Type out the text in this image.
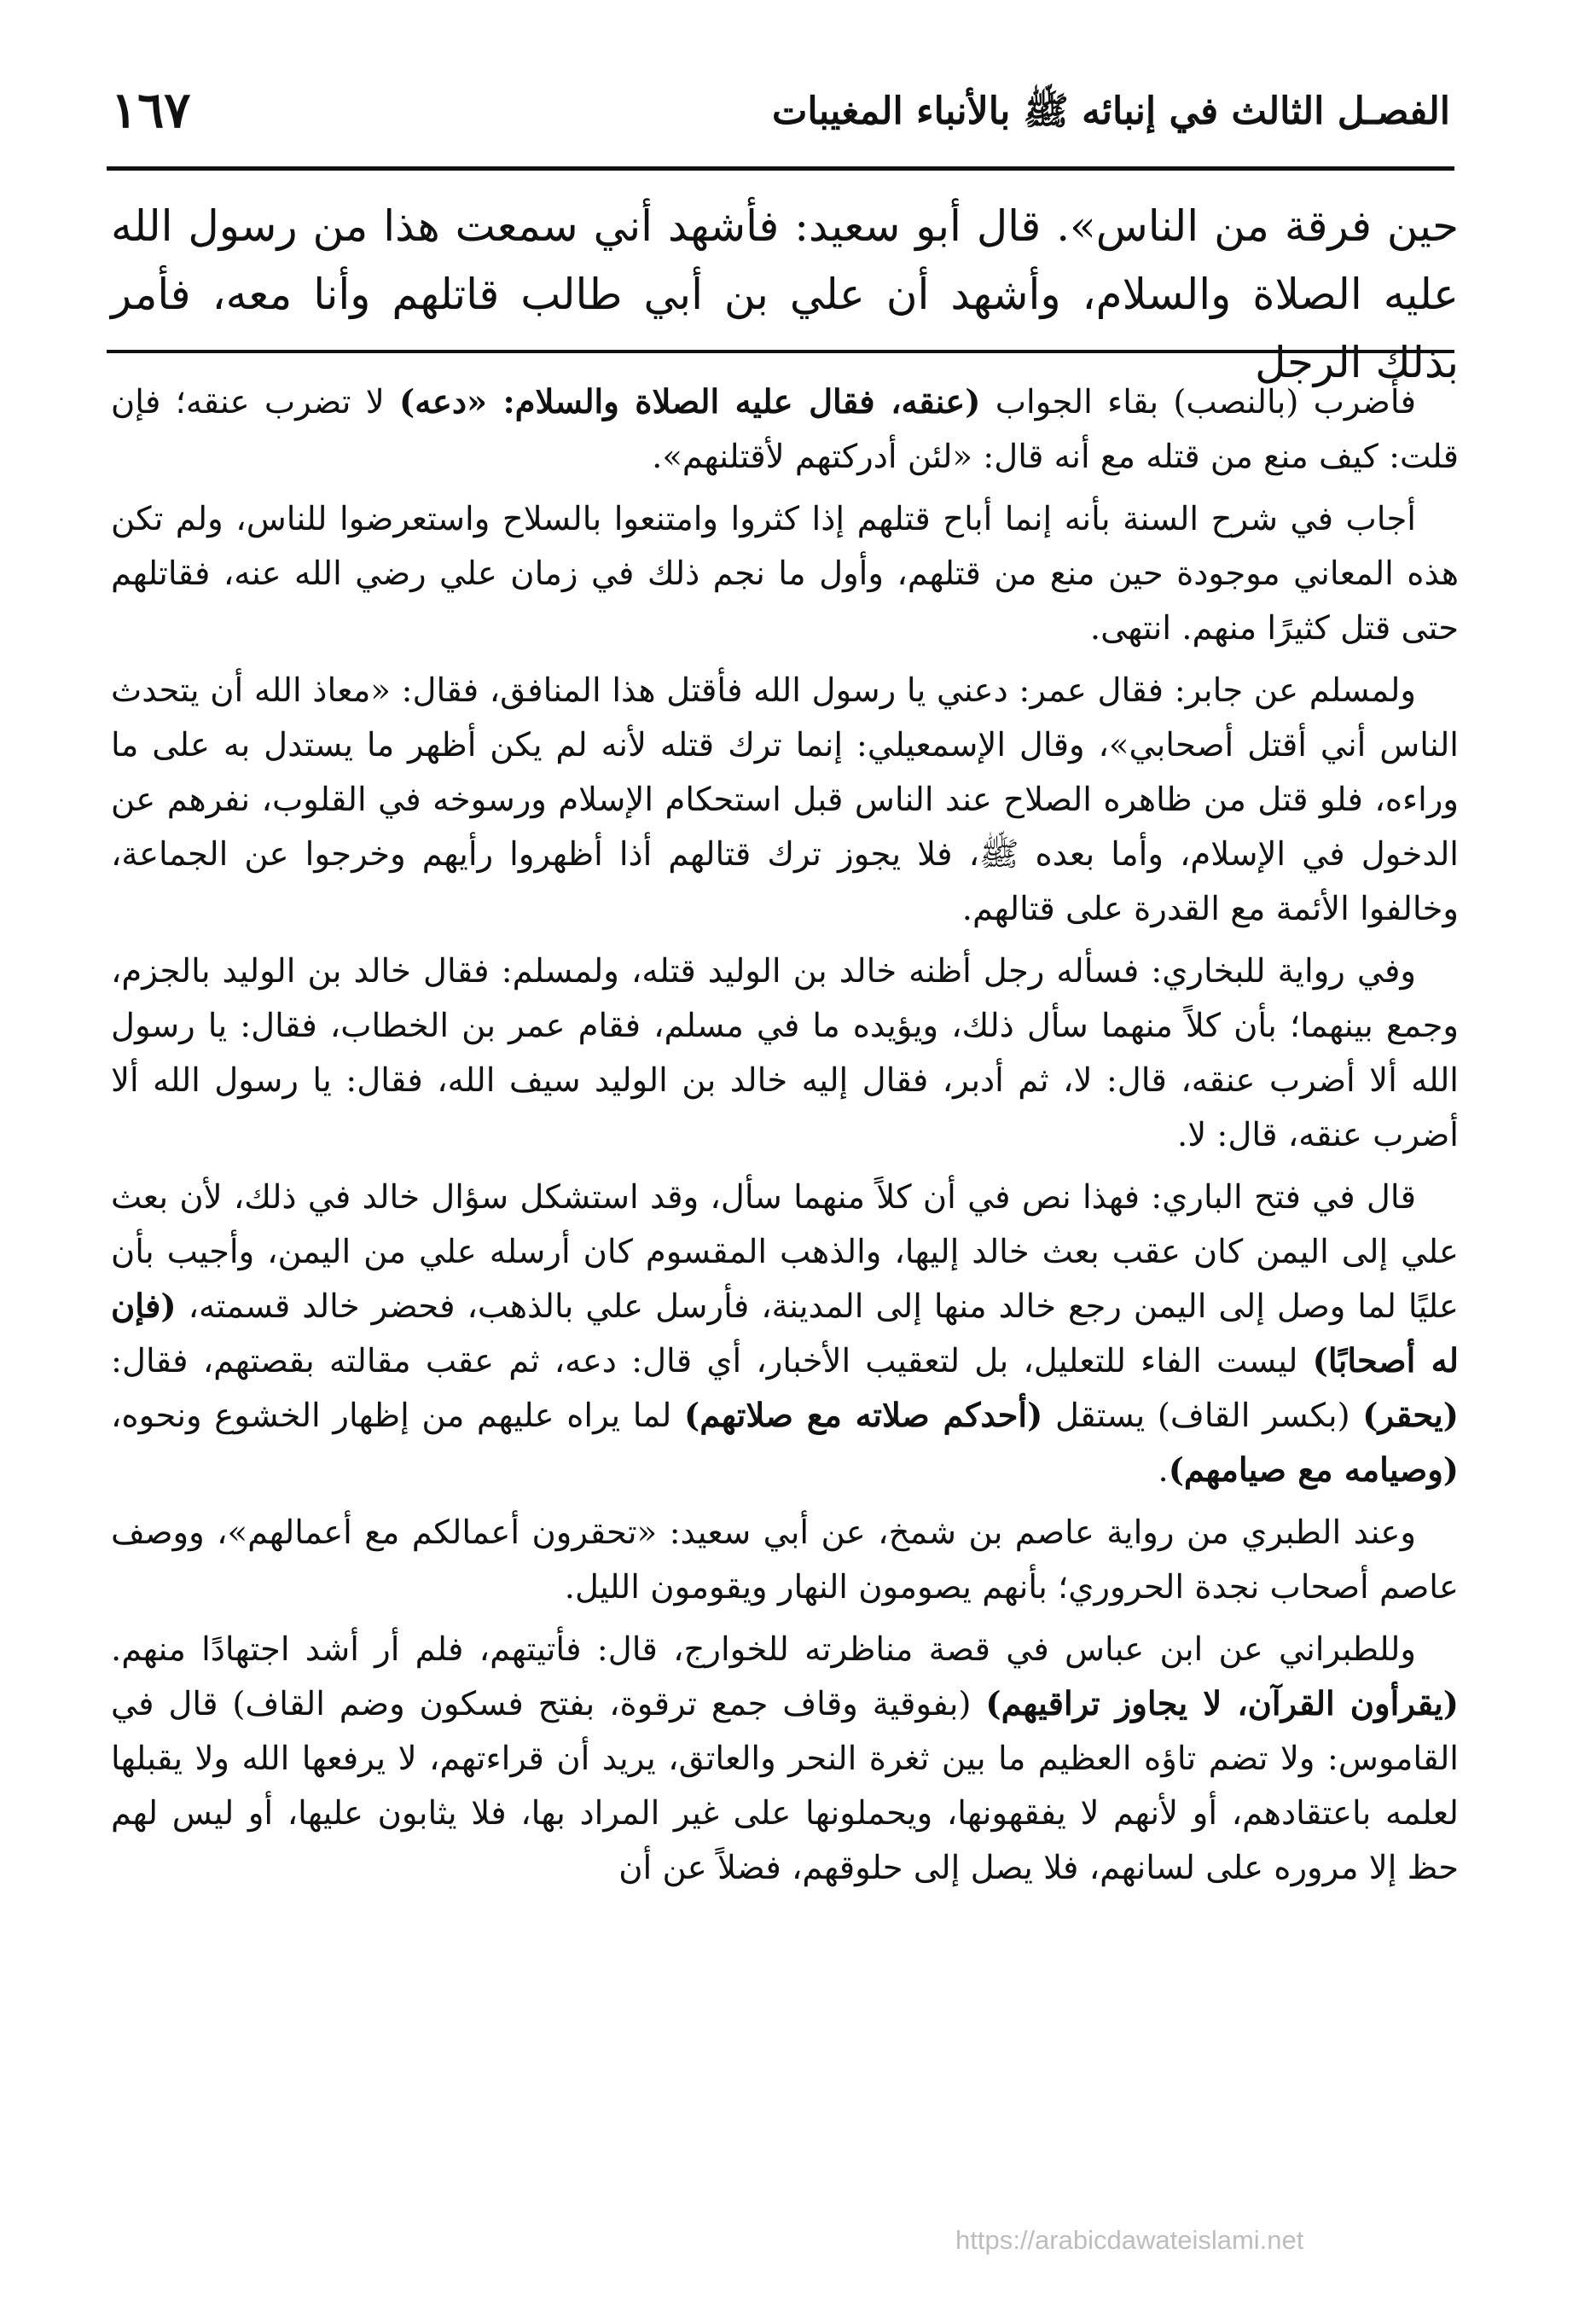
الفصـل الثالث في إنبائه ﷺ بالأنباء المغيبات
١٦٧

حين فرقة من الناس». قال أبو سعيد: فأشهد أني سمعت هذا من رسول الله عليه الصلاة والسلام، وأشهد أن علي بن أبي طالب قاتلهم وأنا معه، فأمر بذلك الرجل

فأضرب (بالنصب) بقاء الجواب (عنقه، فقال عليه الصلاة والسلام: «دعه) لا تضرب عنقه؛ فإن قلت: كيف منع من قتله مع أنه قال: «لئن أدركتهم لأقتلنهم».

أجاب في شرح السنة بأنه إنما أباح قتلهم إذا كثروا وامتنعوا بالسلاح واستعرضوا للناس، ولم تكن هذه المعاني موجودة حين منع من قتلهم، وأول ما نجم ذلك في زمان علي رضي الله عنه، فقاتلهم حتى قتل كثيرًا منهم. انتهى.

ولمسلم عن جابر: فقال عمر: دعني يا رسول الله فأقتل هذا المنافق، فقال: «معاذ الله أن يتحدث الناس أني أقتل أصحابي»، وقال الإسمعيلي: إنما ترك قتله لأنه لم يكن أظهر ما يستدل به على ما وراءه، فلو قتل من ظاهره الصلاح عند الناس قبل استحكام الإسلام ورسوخه في القلوب، نفرهم عن الدخول في الإسلام، وأما بعده ﷺ، فلا يجوز ترك قتالهم أذا أظهروا رأيهم وخرجوا عن الجماعة، وخالفوا الأئمة مع القدرة على قتالهم.

وفي رواية للبخاري: فسأله رجل أظنه خالد بن الوليد قتله، ولمسلم: فقال خالد بن الوليد بالجزم، وجمع بينهما؛ بأن كلاً منهما سأل ذلك، ويؤيده ما في مسلم، فقام عمر بن الخطاب، فقال: يا رسول الله ألا أضرب عنقه، قال: لا، ثم أدبر، فقال إليه خالد بن الوليد سيف الله، فقال: يا رسول الله ألا أضرب عنقه، قال: لا.

قال في فتح الباري: فهذا نص في أن كلاً منهما سأل، وقد استشكل سؤال خالد في ذلك، لأن بعث علي إلى اليمن كان عقب بعث خالد إليها، والذهب المقسوم كان أرسله علي من اليمن، وأجيب بأن عليًا لما وصل إلى اليمن رجع خالد منها إلى المدينة، فأرسل علي بالذهب، فحضر خالد قسمته، (فإن له أصحابًا) ليست الفاء للتعليل، بل لتعقيب الأخبار، أي قال: دعه، ثم عقب مقالته بقصتهم، فقال: (يحقر) (بكسر القاف) يستقل (أحدكم صلاته مع صلاتهم) لما يراه عليهم من إظهار الخشوع ونحوه، (وصيامه مع صيامهم).

وعند الطبري من رواية عاصم بن شمخ، عن أبي سعيد: «تحقرون أعمالكم مع أعمالهم»، ووصف عاصم أصحاب نجدة الحروري؛ بأنهم يصومون النهار ويقومون الليل.

وللطبراني عن ابن عباس في قصة مناظرته للخوارج، قال: فأتيتهم، فلم أر أشد اجتهادًا منهم. (يقرأون القرآن، لا يجاوز تراقيهم) (بفوقية وقاف جمع ترقوة، بفتح فسكون وضم القاف) قال في القاموس: ولا تضم تاؤه العظيم ما بين ثغرة النحر والعاتق، يريد أن قراءتهم، لا يرفعها الله ولا يقبلها لعلمه باعتقادهم، أو لأنهم لا يفقهونها، ويحملونها على غير المراد بها، فلا يثابون عليها، أو ليس لهم حظ إلا مروره على لسانهم، فلا يصل إلى حلوقهم، فضلاً عن أن

https://arabicdawateislami.net
